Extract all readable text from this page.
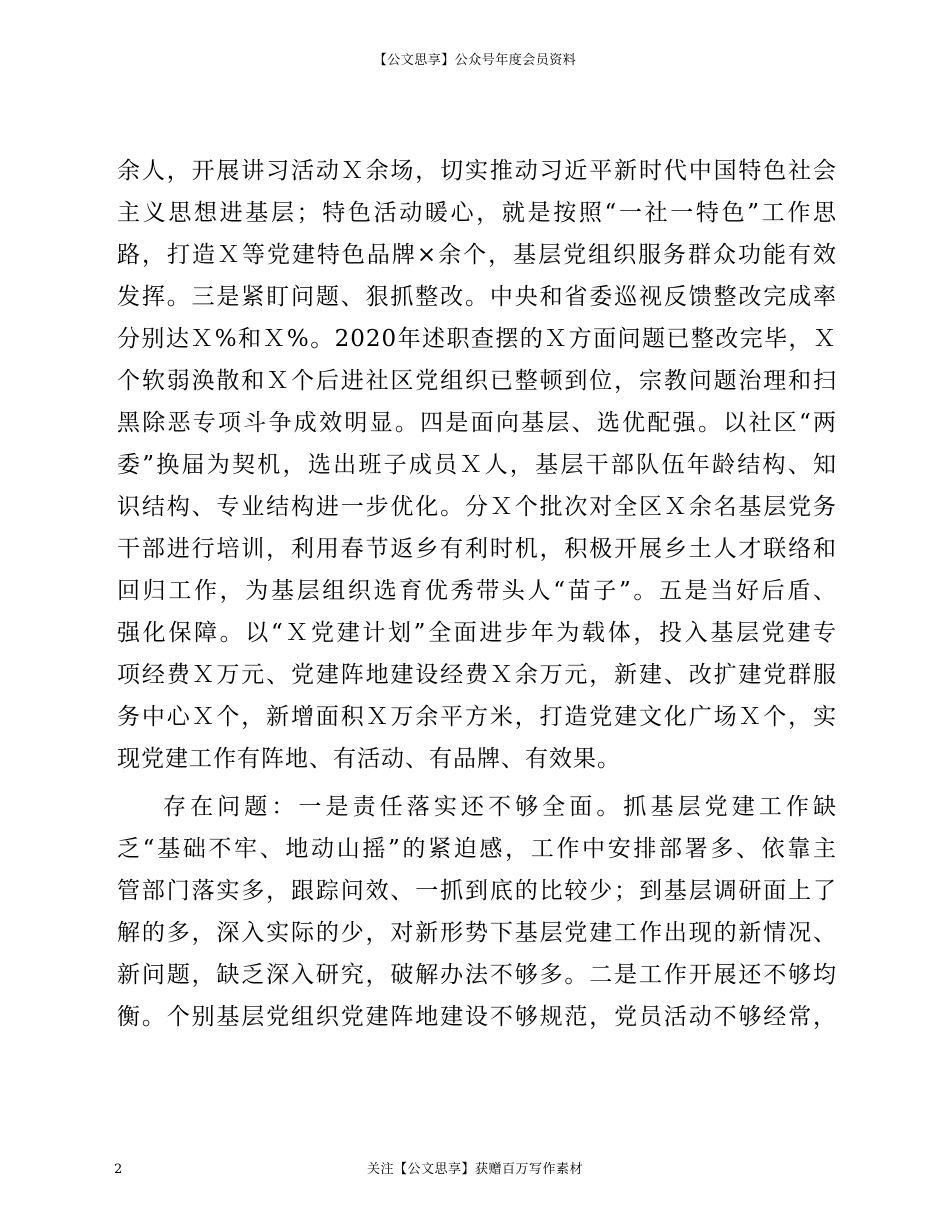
【公文思享】公众号年度会员资料
余人，开展讲习活动Ｘ余场，切实推动习近平新时代中国特色社会
主义思想进基层；特色活动暖心，就是按照“一社一特色”工作思
路，打造Ｘ等党建特色品牌×余个，基层党组织服务群众功能有效
发挥。三是紧盯问题、狠抓整改。中央和省委巡视反馈整改完成率
分别达Ｘ%和Ｘ%。2020年述职查摆的Ｘ方面问题已整改完毕，Ｘ
个软弱涣散和Ｘ个后进社区党组织已整顿到位，宗教问题治理和扫
黑除恶专项斗争成效明显。四是面向基层、选优配强。以社区“两
委”换届为契机，选出班子成员Ｘ人，基层干部队伍年龄结构、知
识结构、专业结构进一步优化。分Ｘ个批次对全区Ｘ余名基层党务
干部进行培训，利用春节返乡有利时机，积极开展乡土人才联络和
回归工作，为基层组织选育优秀带头人“苗子”。五是当好后盾、
强化保障。以“Ｘ党建计划”全面进步年为载体，投入基层党建专
项经费Ｘ万元、党建阵地建设经费Ｘ余万元，新建、改扩建党群服
务中心Ｘ个，新增面积Ｘ万余平方米，打造党建文化广场Ｘ个，实
现党建工作有阵地、有活动、有品牌、有效果。
存在问题：一是责任落实还不够全面。抓基层党建工作缺
乏“基础不牢、地动山摇”的紧迫感，工作中安排部署多、依靠主
管部门落实多，跟踪问效、一抓到底的比较少；到基层调研面上了
解的多，深入实际的少，对新形势下基层党建工作出现的新情况、
新问题，缺乏深入研究，破解办法不够多。二是工作开展还不够均
衡。个别基层党组织党建阵地建设不够规范，党员活动不够经常，
2	关注【公文思享】获赠百万写作素材
